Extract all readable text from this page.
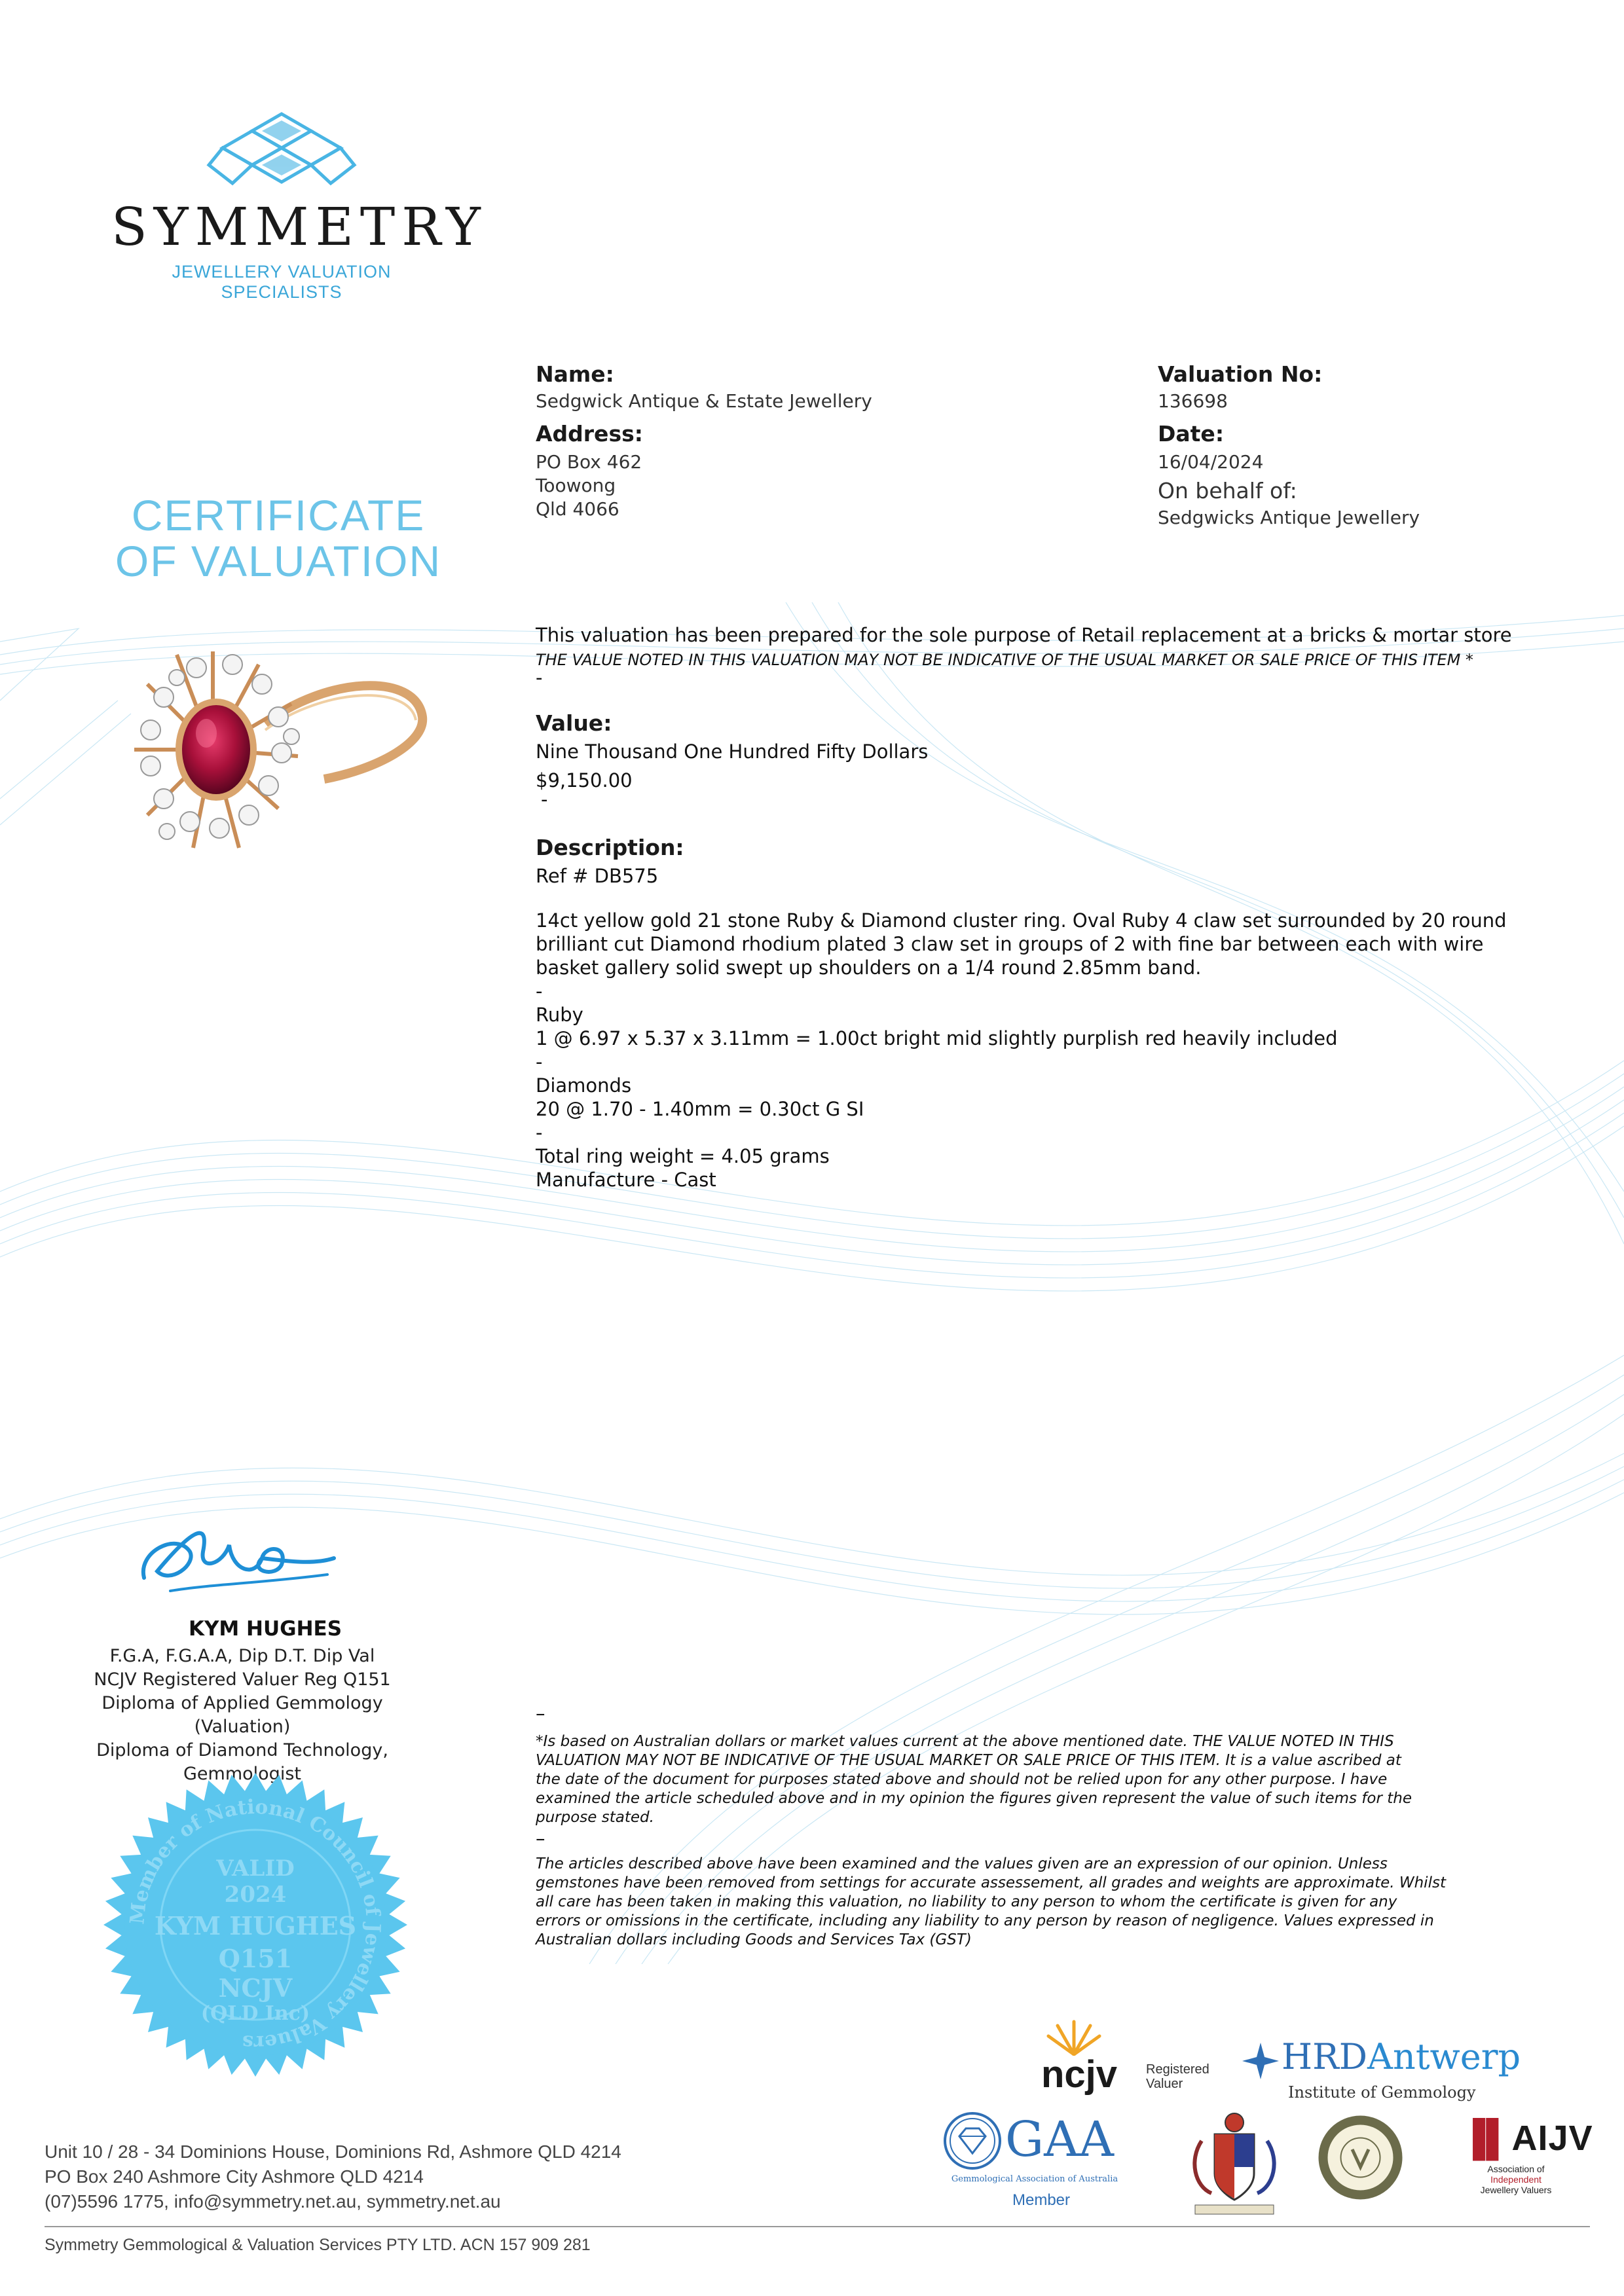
SYMMETRY
JEWELLERY VALUATION SPECIALISTS
CERTIFICATE
OF VALUATION
Name:
Sedgwick Antique & Estate Jewellery
Address:
PO Box 462
Toowong
Qld 4066
Valuation No:
136698
Date:
16/04/2024
On behalf of:
Sedgwicks Antique Jewellery
This valuation has been prepared for the sole purpose of Retail replacement at a bricks & mortar store
THE VALUE NOTED IN THIS VALUATION MAY NOT BE INDICATIVE OF THE USUAL MARKET OR SALE PRICE OF THIS ITEM *
-
Value:
Nine Thousand One Hundred Fifty Dollars
$9,150.00
-
Description:
Ref # DB575
14ct yellow gold 21 stone Ruby & Diamond cluster ring. Oval Ruby 4 claw set surrounded by 20 round
brilliant cut Diamond rhodium plated 3 claw set in groups of 2 with fine bar between each with wire
basket gallery solid swept up shoulders on a 1/4 round 2.85mm band.
-
Ruby
1 @ 6.97 x 5.37 x 3.11mm = 1.00ct bright mid slightly purplish red heavily included
-
Diamonds
20 @ 1.70 - 1.40mm = 0.30ct G SI
-
Total ring weight = 4.05 grams
Manufacture - Cast
KYM HUGHES
F.G.A, F.G.A.A, Dip D.T. Dip Val
NCJV Registered Valuer Reg Q151
Diploma of Applied Gemmology (Valuation)
Diploma of Diamond Technology,
Gemmologist
Member of National Council of Jewellery Valuers
VALID
2024
KYM HUGHES
Q151
NCJV
(QLD Inc)
–
*Is based on Australian dollars or market values current at the above mentioned date. THE VALUE NOTED IN THIS
VALUATION MAY NOT BE INDICATIVE OF THE USUAL MARKET OR SALE PRICE OF THIS ITEM. It is a value ascribed at
the date of the document for purposes stated above and should not be relied upon for any other purpose. I have
examined the article scheduled above and in my opinion the figures given represent the value of such items for the
purpose stated.
–
The articles described above have been examined and the values given are an expression of our opinion. Unless
gemstones have been removed from settings for accurate assessement, all grades and weights are approximate. Whilst
all care has been taken in making this valuation, no liability to any person to whom the certificate is given for any
errors or omissions in the certificate, including any liability to any person by reason of negligence. Values expressed in
Australian dollars including Goods and Services Tax (GST)
ncjv Registered
Valuer
HRDAntwerp
Institute of Gemmology
GAA
Gemmological Association of Australia
Member
▐▌AIJV
Association of
Independent
Jewellery Valuers
Unit 10 / 28 - 34 Dominions House, Dominions Rd, Ashmore QLD 4214
PO Box 240 Ashmore City Ashmore QLD 4214
(07)5596 1775, info@symmetry.net.au, symmetry.net.au
Symmetry Gemmological & Valuation Services PTY LTD. ACN 157 909 281
